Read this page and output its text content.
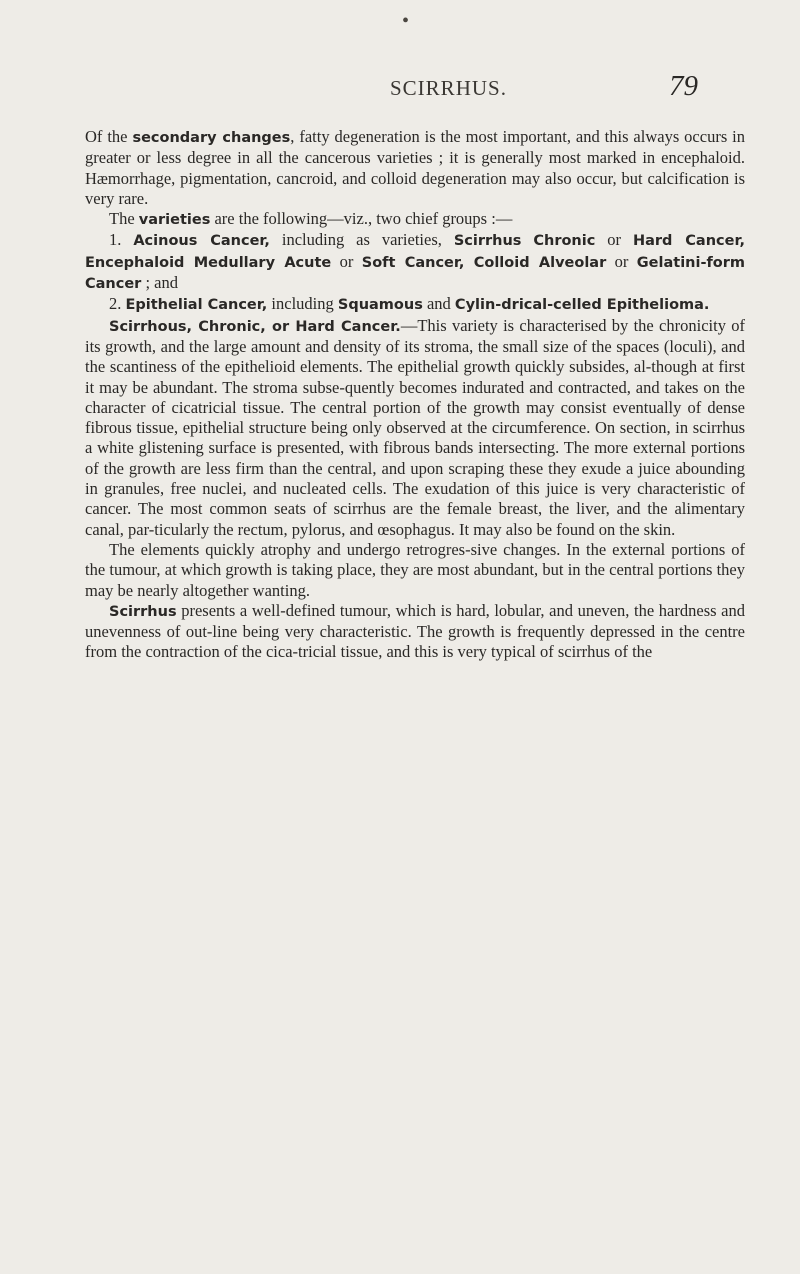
•
SCIRRHUS.	79

Of the secondary changes, fatty degeneration is the most important, and this always occurs in greater or less degree in all the cancerous varieties ; it is generally most marked in encephaloid. Hæmorrhage, pigmentation, cancroid, and colloid degeneration may also occur, but calcification is very rare.

The varieties are the following—viz., two chief groups :—

1. Acinous Cancer, including as varieties, Scirrhus Chronic or Hard Cancer, Encephaloid Medullary Acute or Soft Cancer, Colloid Alveolar or Gelatini-form Cancer ; and

2. Epithelial Cancer, including Squamous and Cylin-drical-celled Epithelioma.

Scirrhous, Chronic, or Hard Cancer.—This variety is characterised by the chronicity of its growth, and the large amount and density of its stroma, the small size of the spaces (loculi), and the scantiness of the epithelioid elements. The epithelial growth quickly subsides, al-though at first it may be abundant. The stroma subse-quently becomes indurated and contracted, and takes on the character of cicatricial tissue. The central portion of the growth may consist eventually of dense fibrous tissue, epithelial structure being only observed at the circumference. On section, in scirrhus a white glistening surface is presented, with fibrous bands intersecting. The more external portions of the growth are less firm than the central, and upon scraping these they exude a juice abounding in granules, free nuclei, and nucleated cells. The exudation of this juice is very characteristic of cancer. The most common seats of scirrhus are the female breast, the liver, and the alimentary canal, par-ticularly the rectum, pylorus, and œsophagus. It may also be found on the skin.

The elements quickly atrophy and undergo retrogres-sive changes. In the external portions of the tumour, at which growth is taking place, they are most abundant, but in the central portions they may be nearly altogether wanting.

Scirrhus presents a well-defined tumour, which is hard, lobular, and uneven, the hardness and unevenness of out-line being very characteristic. The growth is frequently depressed in the centre from the contraction of the cica-tricial tissue, and this is very typical of scirrhus of the
